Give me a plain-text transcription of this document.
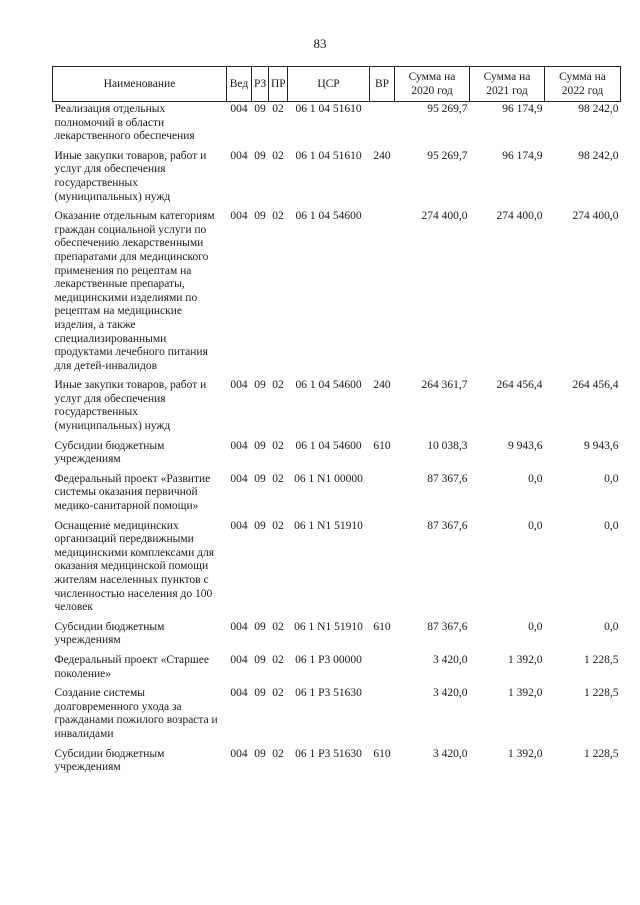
83
Наименование	Вед	РЗ	ПР	ЦСР	ВР	Сумма на 2020 год	Сумма на 2021 год	Сумма на 2022 год
Реализация отдельных полномочий в области лекарственного обеспечения	004	09	02	06 1 04 51610		95 269,7	96 174,9	98 242,0
Иные закупки товаров, работ и услуг для обеспечения государственных (муниципальных) нужд	004	09	02	06 1 04 51610	240	95 269,7	96 174,9	98 242,0
Оказание отдельным категориям граждан социальной услуги по обеспечению лекарственными препаратами для медицинского применения по рецептам на лекарственные препараты, медицинскими изделиями по рецептам на медицинские изделия, а также специализированными продуктами лечебного питания для детей-инвалидов	004	09	02	06 1 04 54600		274 400,0	274 400,0	274 400,0
Иные закупки товаров, работ и услуг для обеспечения государственных (муниципальных) нужд	004	09	02	06 1 04 54600	240	264 361,7	264 456,4	264 456,4
Субсидии бюджетным учреждениям	004	09	02	06 1 04 54600	610	10 038,3	9 943,6	9 943,6
Федеральный проект «Развитие системы оказания первичной медико-санитарной помощи»	004	09	02	06 1 N1 00000		87 367,6	0,0	0,0
Оснащение медицинских организаций передвижными медицинскими комплексами для оказания медицинской помощи жителям населенных пунктов с численностью населения до 100 человек	004	09	02	06 1 N1 51910		87 367,6	0,0	0,0
Субсидии бюджетным учреждениям	004	09	02	06 1 N1 51910	610	87 367,6	0,0	0,0
Федеральный проект «Старшее поколение»	004	09	02	06 1 P3 00000		3 420,0	1 392,0	1 228,5
Создание системы долговременного ухода за гражданами пожилого возраста и инвалидами	004	09	02	06 1 P3 51630		3 420,0	1 392,0	1 228,5
Субсидии бюджетным учреждениям	004	09	02	06 1 P3 51630	610	3 420,0	1 392,0	1 228,5
